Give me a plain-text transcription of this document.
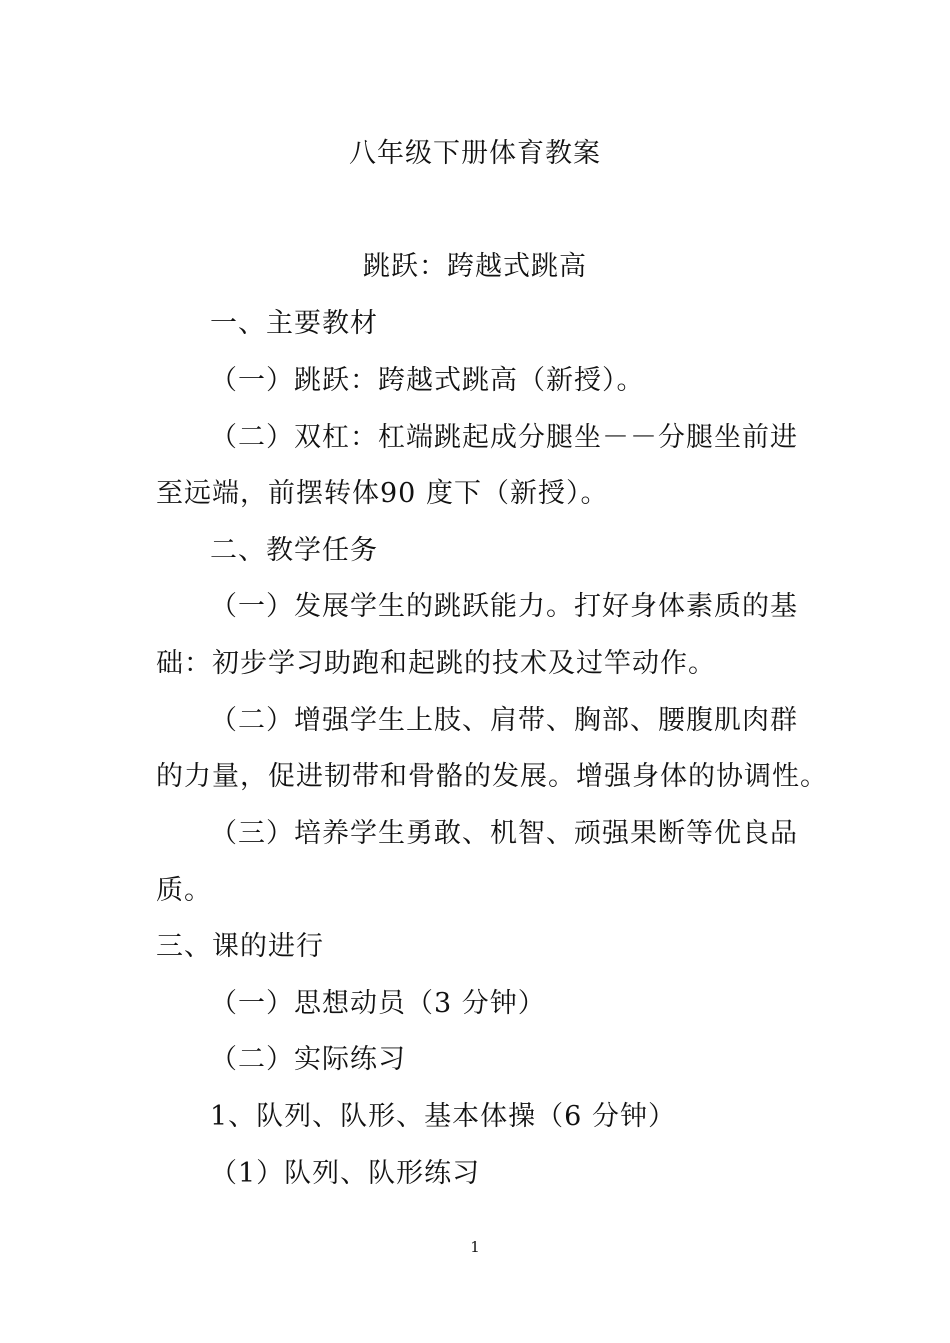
八年级下册体育教案
跳跃：跨越式跳高
一、主要教材
（一）跳跃：跨越式跳高（新授）。
（二）双杠：杠端跳起成分腿坐－－分腿坐前进
至远端，前摆转体90 度下（新授）。
二、教学任务
（一）发展学生的跳跃能力。打好身体素质的基
础：初步学习助跑和起跳的技术及过竿动作。
（二）增强学生上肢、肩带、胸部、腰腹肌肉群
的力量，促进韧带和骨骼的发展。增强身体的协调性。
（三）培养学生勇敢、机智、顽强果断等优良品
质。
三、课的进行
（一）思想动员（3 分钟）
（二）实际练习
1、队列、队形、基本体操（6 分钟）
（1）队列、队形练习
1
